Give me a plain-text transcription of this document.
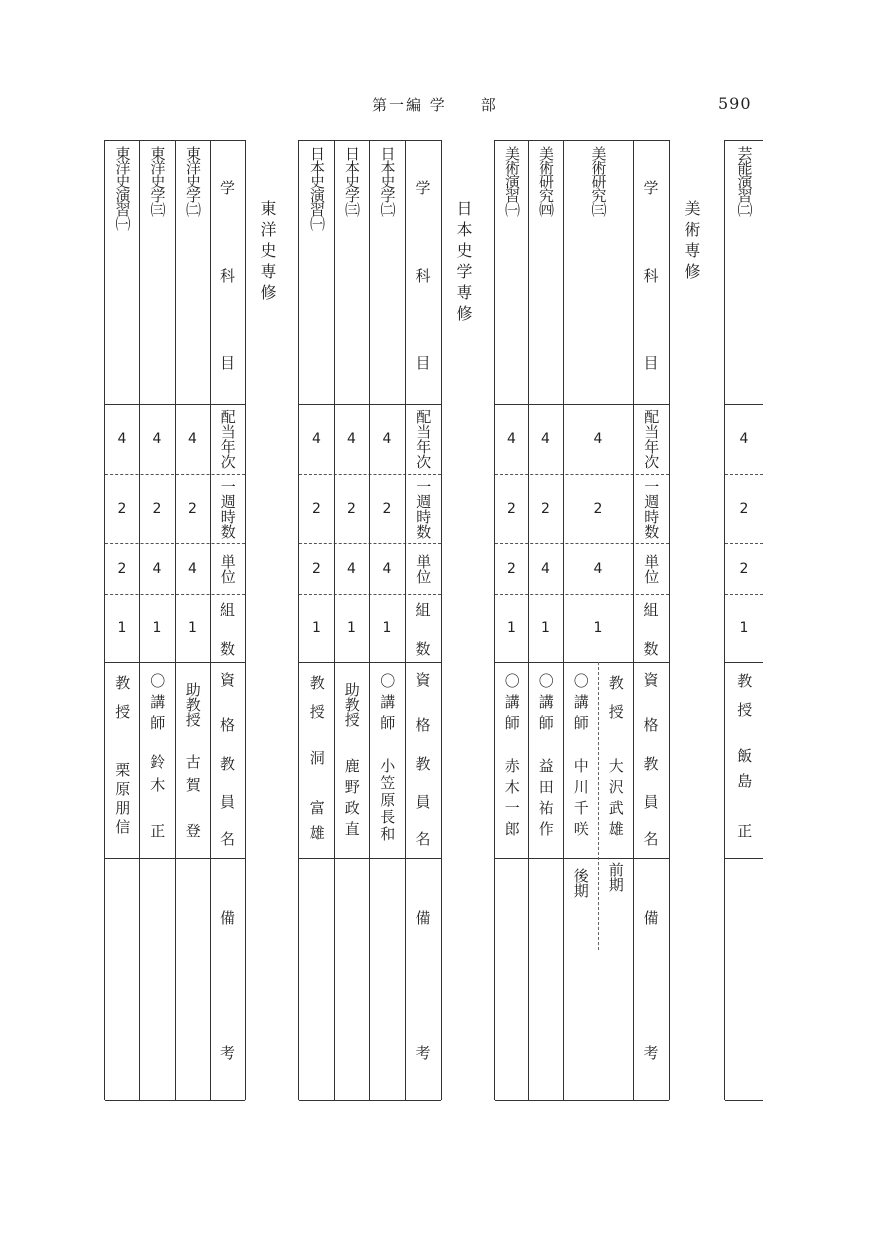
第一編 学　　部	590
美術専修
日本史学専修
東洋史専修
芸能演習㈡
4
2
2
1
教授
飯島　正
学
科
目
配当年次
一週時数
単位
組
数
資
格
教
員
名
備
考
美術研究㈢
4
2
4
1
教授
大沢武雄
前期
〇講師
中川千咲
後期
美術研究㈣
4
2
4
1
〇講師
益田祐作
美術演習㈠
4
2
2
1
〇講師
赤木一郎
学
科
目
配当年次
一週時数
単位
組
数
資
格
教
員
名
備
考
日本史学㈡
4
2
4
1
〇講師
小笠原長和
日本史学㈢
4
2
4
1
助教授
鹿野政直
日本史演習㈠
4
2
2
1
教授
洞　富雄
学
科
目
配当年次
一週時数
単位
組
数
資
格
教
員
名
備
考
東洋史学㈡
4
2
4
1
助教授
古賀　登
東洋史学㈢
4
2
4
1
〇講師
鈴木　正
東洋史演習㈠
4
2
2
1
教授
栗原朋信
